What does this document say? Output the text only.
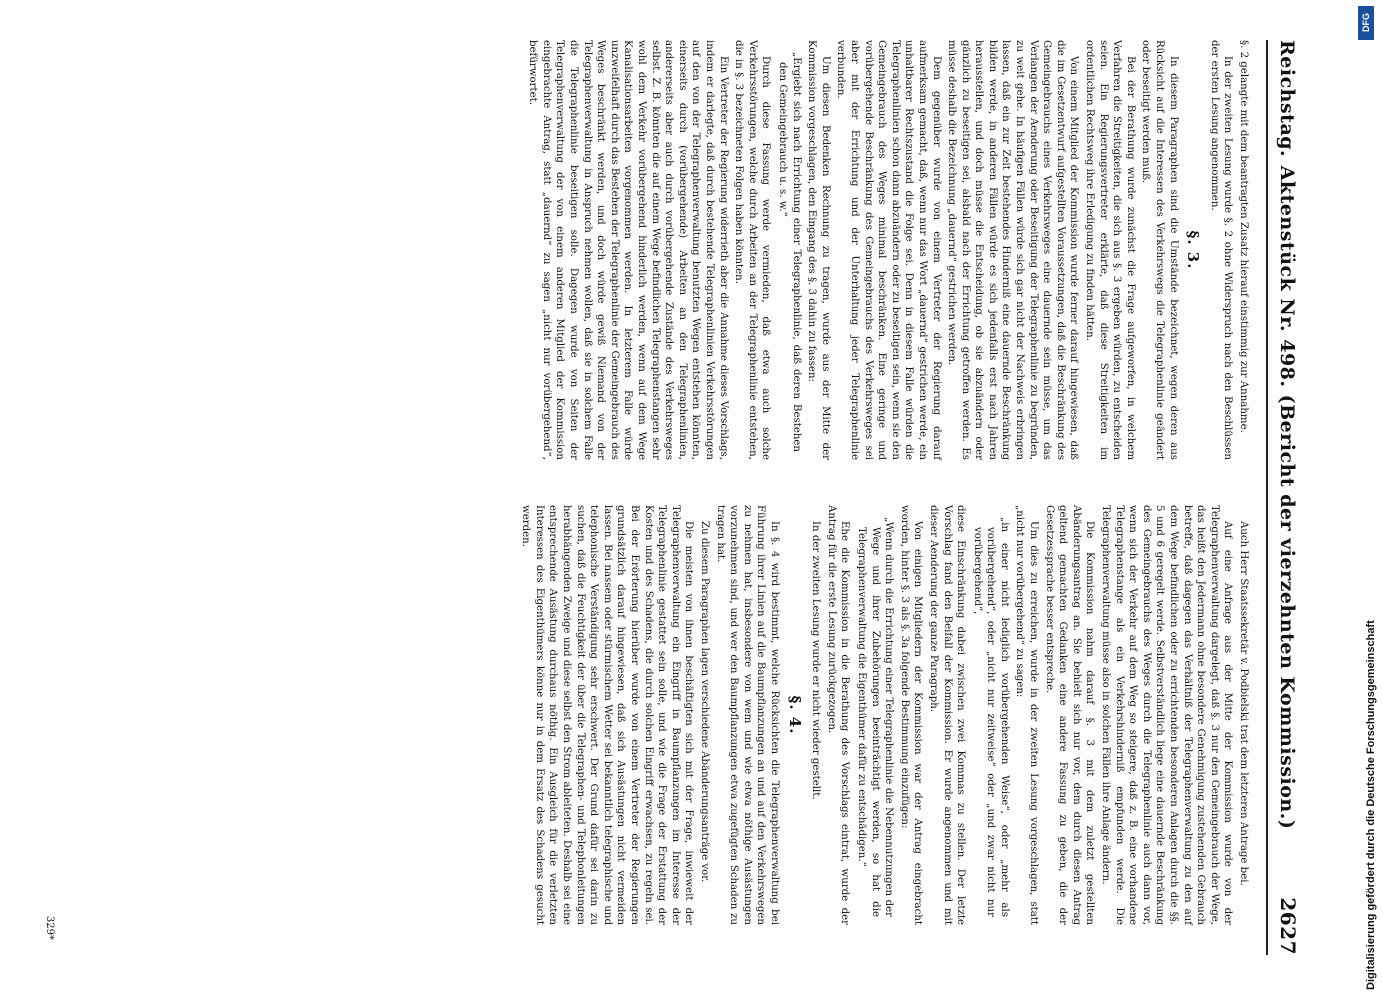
Reichstag.
Aktenstück Nr. 498. (Bericht der vierzehnten Kommission.)
2627

§. 2 gelangte mit dem beantragten Zusatz hierauf einstimmig zur Annahme.

In der zweiten Lesung wurde §. 2 ohne Widerspruch nach den Beschlüssen der ersten Lesung angenommen.

§. 3.

In diesem Paragraphen sind die Umstände bezeichnet, wegen deren aus Rücksicht auf die Interessen des Verkehrswegs die Telegraphenlinie geändert oder beseitigt werden muß.

Bei der Berathung wurde zunächst die Frage aufgeworfen, in welchem Verfahren die Streitigkeiten, die sich aus §. 3 ergeben würden, zu entscheiden seien. Ein Regierungsvertreter erklärte, daß diese Streitigkeiten im ordentlichen Rechtsweg ihre Erledigung zu finden hätten.

Von einem Mitglied der Kommission wurde ferner darauf hingewiesen, daß die im Gesetzentwurf aufgestellten Voraussetzungen, daß die Beschränkung des Gemeingebrauchs eines Verkehrsweges eine dauernde sein müsse, um das Verlangen der Aenderung oder Beseitigung der Telegraphenlinie zu begründen, zu weit gehe. In häufigen Fällen würde sich gar nicht der Nachweis erbringen lassen, daß ein zur Zeit bestehendes Hinderniß eine dauernde Beschränkung bilden werde, in anderen Fällen würde es sich jedenfalls erst nach Jahren herausstellen, und doch müsse die Entscheidung, ob sie abzuändern oder gänzlich zu beseitigen sei, alsbald nach der Errichtung getroffen werden. Es müsse deshalb die Bezeichnung „dauernd“ gestrichen werden.

Dem gegenüber wurde von einem Vertreter der Regierung darauf aufmerksam gemacht, daß, wenn nur das Wort „dauernd“ gestrichen werde, ein unhaltbarer Rechtszustand die Folge sei. Denn in diesem Falle würden die Telegraphenlinien schon dann abzuändern oder zu beseitigen sein, wenn sie den Gemeingebrauch des Weges minimal beschränken. Eine geringe und vorübergehende Beschränkung des Gemeingebrauchs des Verkehrsweges sei aber mit der Errichtung und der Unterhaltung jeder Telegraphenlinie verbunden.

Um diesen Bedenken Rechnung zu tragen, wurde aus der Mitte der Kommission vorgeschlagen, den Eingang des §. 3 dahin zu fassen:

„Ergiebt sich nach Errichtung einer Telegraphenlinie, daß deren Bestehen den Gemeingebrauch u. s. w.“

Durch diese Fassung werde vermieden, daß etwa auch solche Verkehrsstörungen, welche durch Arbeiten an der Telegraphenlinie entstehen, die in §. 3 bezeichneten Folgen haben könnten.

Ein Vertreter der Regierung widerrieth aber die Annahme dieses Vorschlags, indem er darlegte, daß durch bestehende Telegraphenlinien Verkehrsstörungen auf den von der Telegraphenverwaltung benutzten Wegen entstehen könnten, einerseits durch (vorübergehende) Arbeiten an den Telegraphenlinien, andererseits aber auch durch vorübergehende Zustände des Verkehrsweges selbst. Z. B. könnten die auf einem Wege befindlichen Telegraphenstangen sehr wohl dem Verkehr vorübergehend hinderlich werden, wenn auf dem Wege Kanalisationsarbeiten vorgenommen werden. In letzterem Falle würde unzweifelhaft durch das Bestehen der Telegraphenlinie der Gemeingebrauch des Weges beschränkt werden, und doch würde gewiß Niemand von der Telegraphenverwaltung in Anspruch nehmen wollen, daß sie in solchem Falle die Telegraphenlinie beseitigen solle. Dagegen wurde von Seiten der Telegraphenverwaltung der von einem anderen Mitglied der Kommission eingebrachte Antrag, statt „dauernd“ zu sagen „nicht nur vorübergehend“, befürwortet.

Auch Herr Staatssekretär v. Podbielski trat dem letzteren Antrage bei.

Auf eine Anfrage aus der Mitte der Kommission wurde von der Telegraphenverwaltung dargelegt, daß §. 3 nur den Gemeingebrauch der Wege, das heißt den Jedermann ohne besondere Genehmigung zustehenden Gebrauch betreffe, daß dagegen das Verhältniß der Telegraphenverwaltung zu den auf dem Wege befindlichen oder zu errichtenden besonderen Anlagen durch die §§. 5 und 6 geregelt werde. Selbstverständlich liege eine dauernde Beschränkung des Gemeingebrauchs des Weges durch die Telegraphenlinie auch dann vor, wenn sich der Verkehr auf dem Weg so steigere, daß z. B. eine vorhandene Telegraphenstange als ein Verkehrshinderniß empfunden werde. Die Telegraphenverwaltung müsse also in solchen Fällen ihre Anlage ändern.

Die Kommission nahm darauf §. 3 mit dem zuletzt gestellten Abänderungsantrag an. Sie behielt sich nur vor, dem durch diesen Antrag geltend gemachten Gedanken eine andere Fassung zu geben, die der Gesetzessprache besser entspreche.

Um dies zu erreichen, wurde in der zweiten Lesung vorgeschlagen, statt „nicht nur vorübergehend“ zu sagen:

„in einer nicht lediglich vorübergehenden Weise“, oder „mehr als vorübergehend“, oder „nicht nur zeitweise“ oder „und zwar nicht nur vorübergehend“,

diese Einschränkung dabei zwischen zwei Kommas zu stellen. Der letzte Vorschlag fand den Beifall der Kommission. Er wurde angenommen und mit dieser Aenderung der ganze Paragraph.

Von einigen Mitgliedern der Kommission war der Antrag eingebracht worden, hinter §. 3 als §. 3a folgende Bestimmung einzufügen:

„Wenn durch die Errichtung einer Telegraphenlinie die Nebennutzungen der Wege und ihrer Zubehörungen beeinträchtigt werden, so hat die Telegraphenverwaltung die Eigenthümer dafür zu entschädigen.“

Ehe die Kommission in die Berathung des Vorschlags eintrat, wurde der Antrag für die erste Lesung zurückgezogen.

In der zweiten Lesung wurde er nicht wieder gestellt.

§. 4.

In §. 4 wird bestimmt, welche Rücksichten die Telegraphenverwaltung bei Führung ihrer Linien auf die Baumpflanzungen an und auf den Verkehrswegen zu nehmen hat, insbesondere von wem und wie etwa nöthige Ausästungen vorzunehmen sind, und wer den Baumpflanzungen etwa zugefügten Schaden zu tragen hat.

Zu diesem Paragraphen lagen verschiedene Abänderungsanträge vor.

Die meisten von ihnen beschäftigten sich mit der Frage, inwieweit der Telegraphenverwaltung ein Eingriff in Baumpflanzungen im Interesse der Telegraphenlinie gestattet sein solle, und wie die Frage der Erstattung der Kosten und des Schadens, die durch solchen Eingriff erwachsen, zu regeln sei. Bei der Erörterung hierüber wurde von einem Vertreter der Regierungen grundsätzlich darauf hingewiesen, daß sich Ausästungen nicht vermeiden lassen. Bei nassem oder stürmischem Wetter sei bekanntlich telegraphische und telephonische Verständigung sehr erschwert. Der Grund dafür sei darin zu suchen, daß die Feuchtigkeit der über die Telegraphen- und Telephonleitungen herabhängenden Zweige und diese selbst den Strom ableiteten. Deshalb sei eine entsprechende Ausästung durchaus nöthig. Ein Ausgleich für die verletzten Interessen des Eigenthümers könne nur in dem Ersatz des Schadens gesucht werden.

329*	Digitalisierung gefördert durch die Deutsche Forschungsgemeinschaft
DFG
